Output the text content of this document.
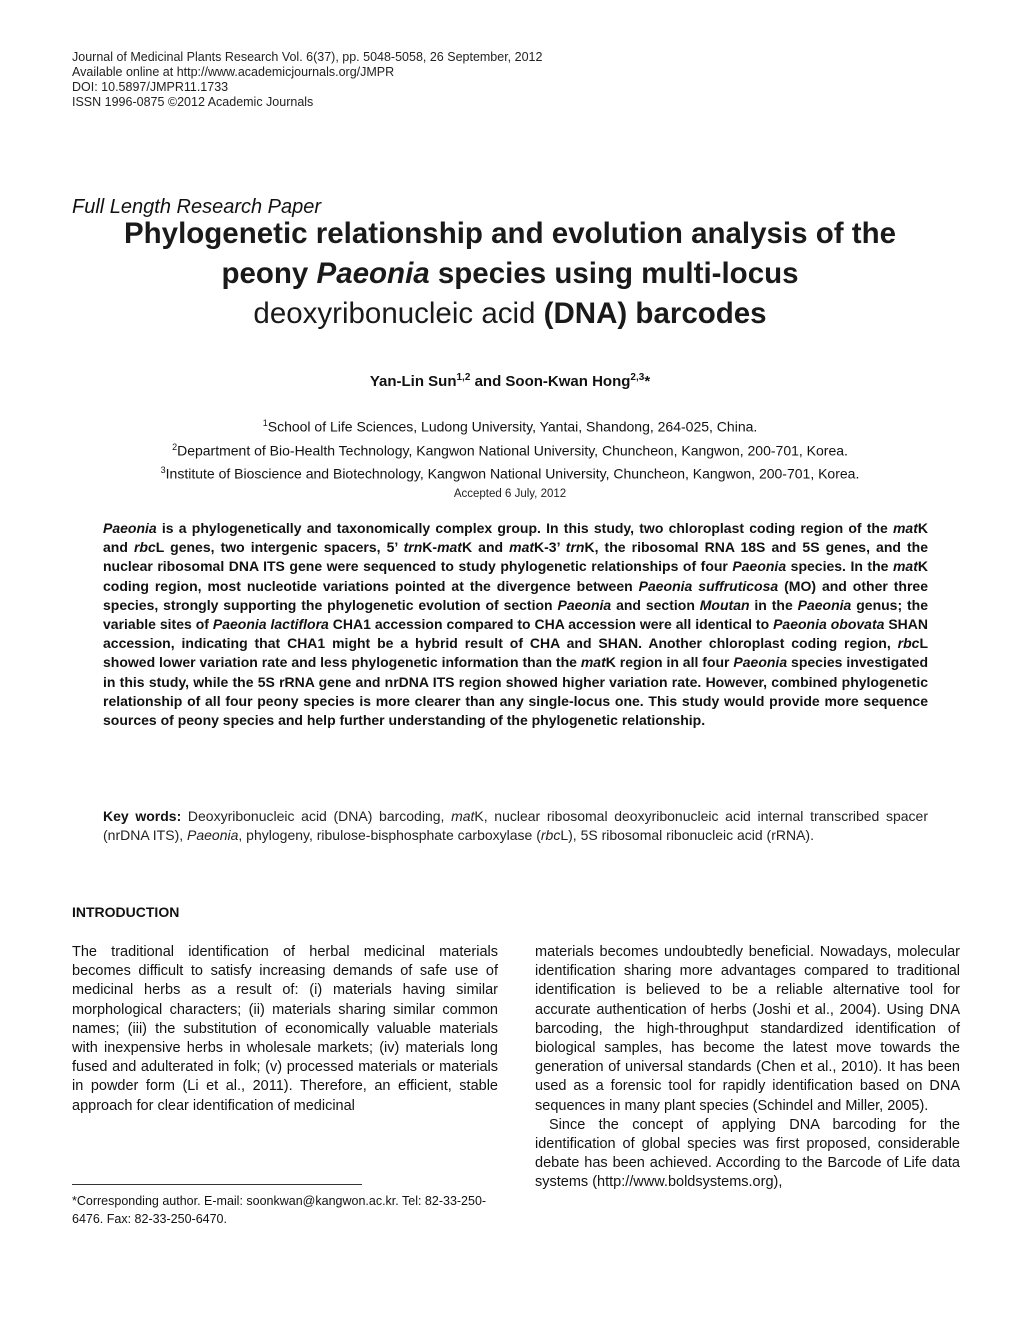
Journal of Medicinal Plants Research Vol. 6(37), pp. 5048-5058, 26 September, 2012
Available online at http://www.academicjournals.org/JMPR
DOI: 10.5897/JMPR11.1733
ISSN 1996-0875 ©2012 Academic Journals
Full Length Research Paper
Phylogenetic relationship and evolution analysis of the
peony Paeonia species using multi-locus
deoxyribonucleic acid (DNA) barcodes
Yan-Lin Sun$^{1,2}$ and Soon-Kwan Hong$^{2,3}$*
$^1$School of Life Sciences, Ludong University, Yantai, Shandong, 264-025, China.
$^2$Department of Bio-Health Technology, Kangwon National University, Chuncheon, Kangwon, 200-701, Korea.
$^3$Institute of Bioscience and Biotechnology, Kangwon National University, Chuncheon, Kangwon, 200-701, Korea.
Accepted 6 July, 2012
Paeonia is a phylogenetically and taxonomically complex group. In this study, two chloroplast coding region of the matK and rbcL genes, two intergenic spacers, 5’ trnK-matK and matK-3’ trnK, the ribosomal RNA 18S and 5S genes, and the nuclear ribosomal DNA ITS gene were sequenced to study phylogenetic relationships of four Paeonia species. In the matK coding region, most nucleotide variations pointed at the divergence between Paeonia suffruticosa (MO) and other three species, strongly supporting the phylogenetic evolution of section Paeonia and section Moutan in the Paeonia genus; the variable sites of Paeonia lactiflora CHA1 accession compared to CHA accession were all identical to Paeonia obovata SHAN accession, indicating that CHA1 might be a hybrid result of CHA and SHAN. Another chloroplast coding region, rbcL showed lower variation rate and less phylogenetic information than the matK region in all four Paeonia species investigated in this study, while the 5S rRNA gene and nrDNA ITS region showed higher variation rate. However, combined phylogenetic relationship of all four peony species is more clearer than any single-locus one. This study would provide more sequence sources of peony species and help further understanding of the phylogenetic relationship.
Key words: Deoxyribonucleic acid (DNA) barcoding, matK, nuclear ribosomal deoxyribonucleic acid internal transcribed spacer (nrDNA ITS), Paeonia, phylogeny, ribulose-bisphosphate carboxylase (rbcL), 5S ribosomal ribonucleic acid (rRNA).
INTRODUCTION
The traditional identification of herbal medicinal materials becomes difficult to satisfy increasing demands of safe use of medicinal herbs as a result of: (i) materials having similar morphological characters; (ii) materials sharing similar common names; (iii) the substitution of economically valuable materials with inexpensive herbs in wholesale markets; (iv) materials long fused and adulterated in folk; (v) processed materials or materials in powder form (Li et al., 2011). Therefore, an efficient, stable approach for clear identification of medicinal
materials becomes undoubtedly beneficial. Nowadays, molecular identification sharing more advantages compared to traditional identification is believed to be a reliable alternative tool for accurate authentication of herbs (Joshi et al., 2004). Using DNA barcoding, the high-throughput standardized identification of biological samples, has become the latest move towards the generation of universal standards (Chen et al., 2010). It has been used as a forensic tool for rapidly identification based on DNA sequences in many plant species (Schindel and Miller, 2005).
Since the concept of applying DNA barcoding for the identification of global species was first proposed, considerable debate has been achieved. According to the Barcode of Life data systems (http://www.boldsystems.org),
*Corresponding author. E-mail: soonkwan@kangwon.ac.kr. Tel: 82-33-250-6476. Fax: 82-33-250-6470.
